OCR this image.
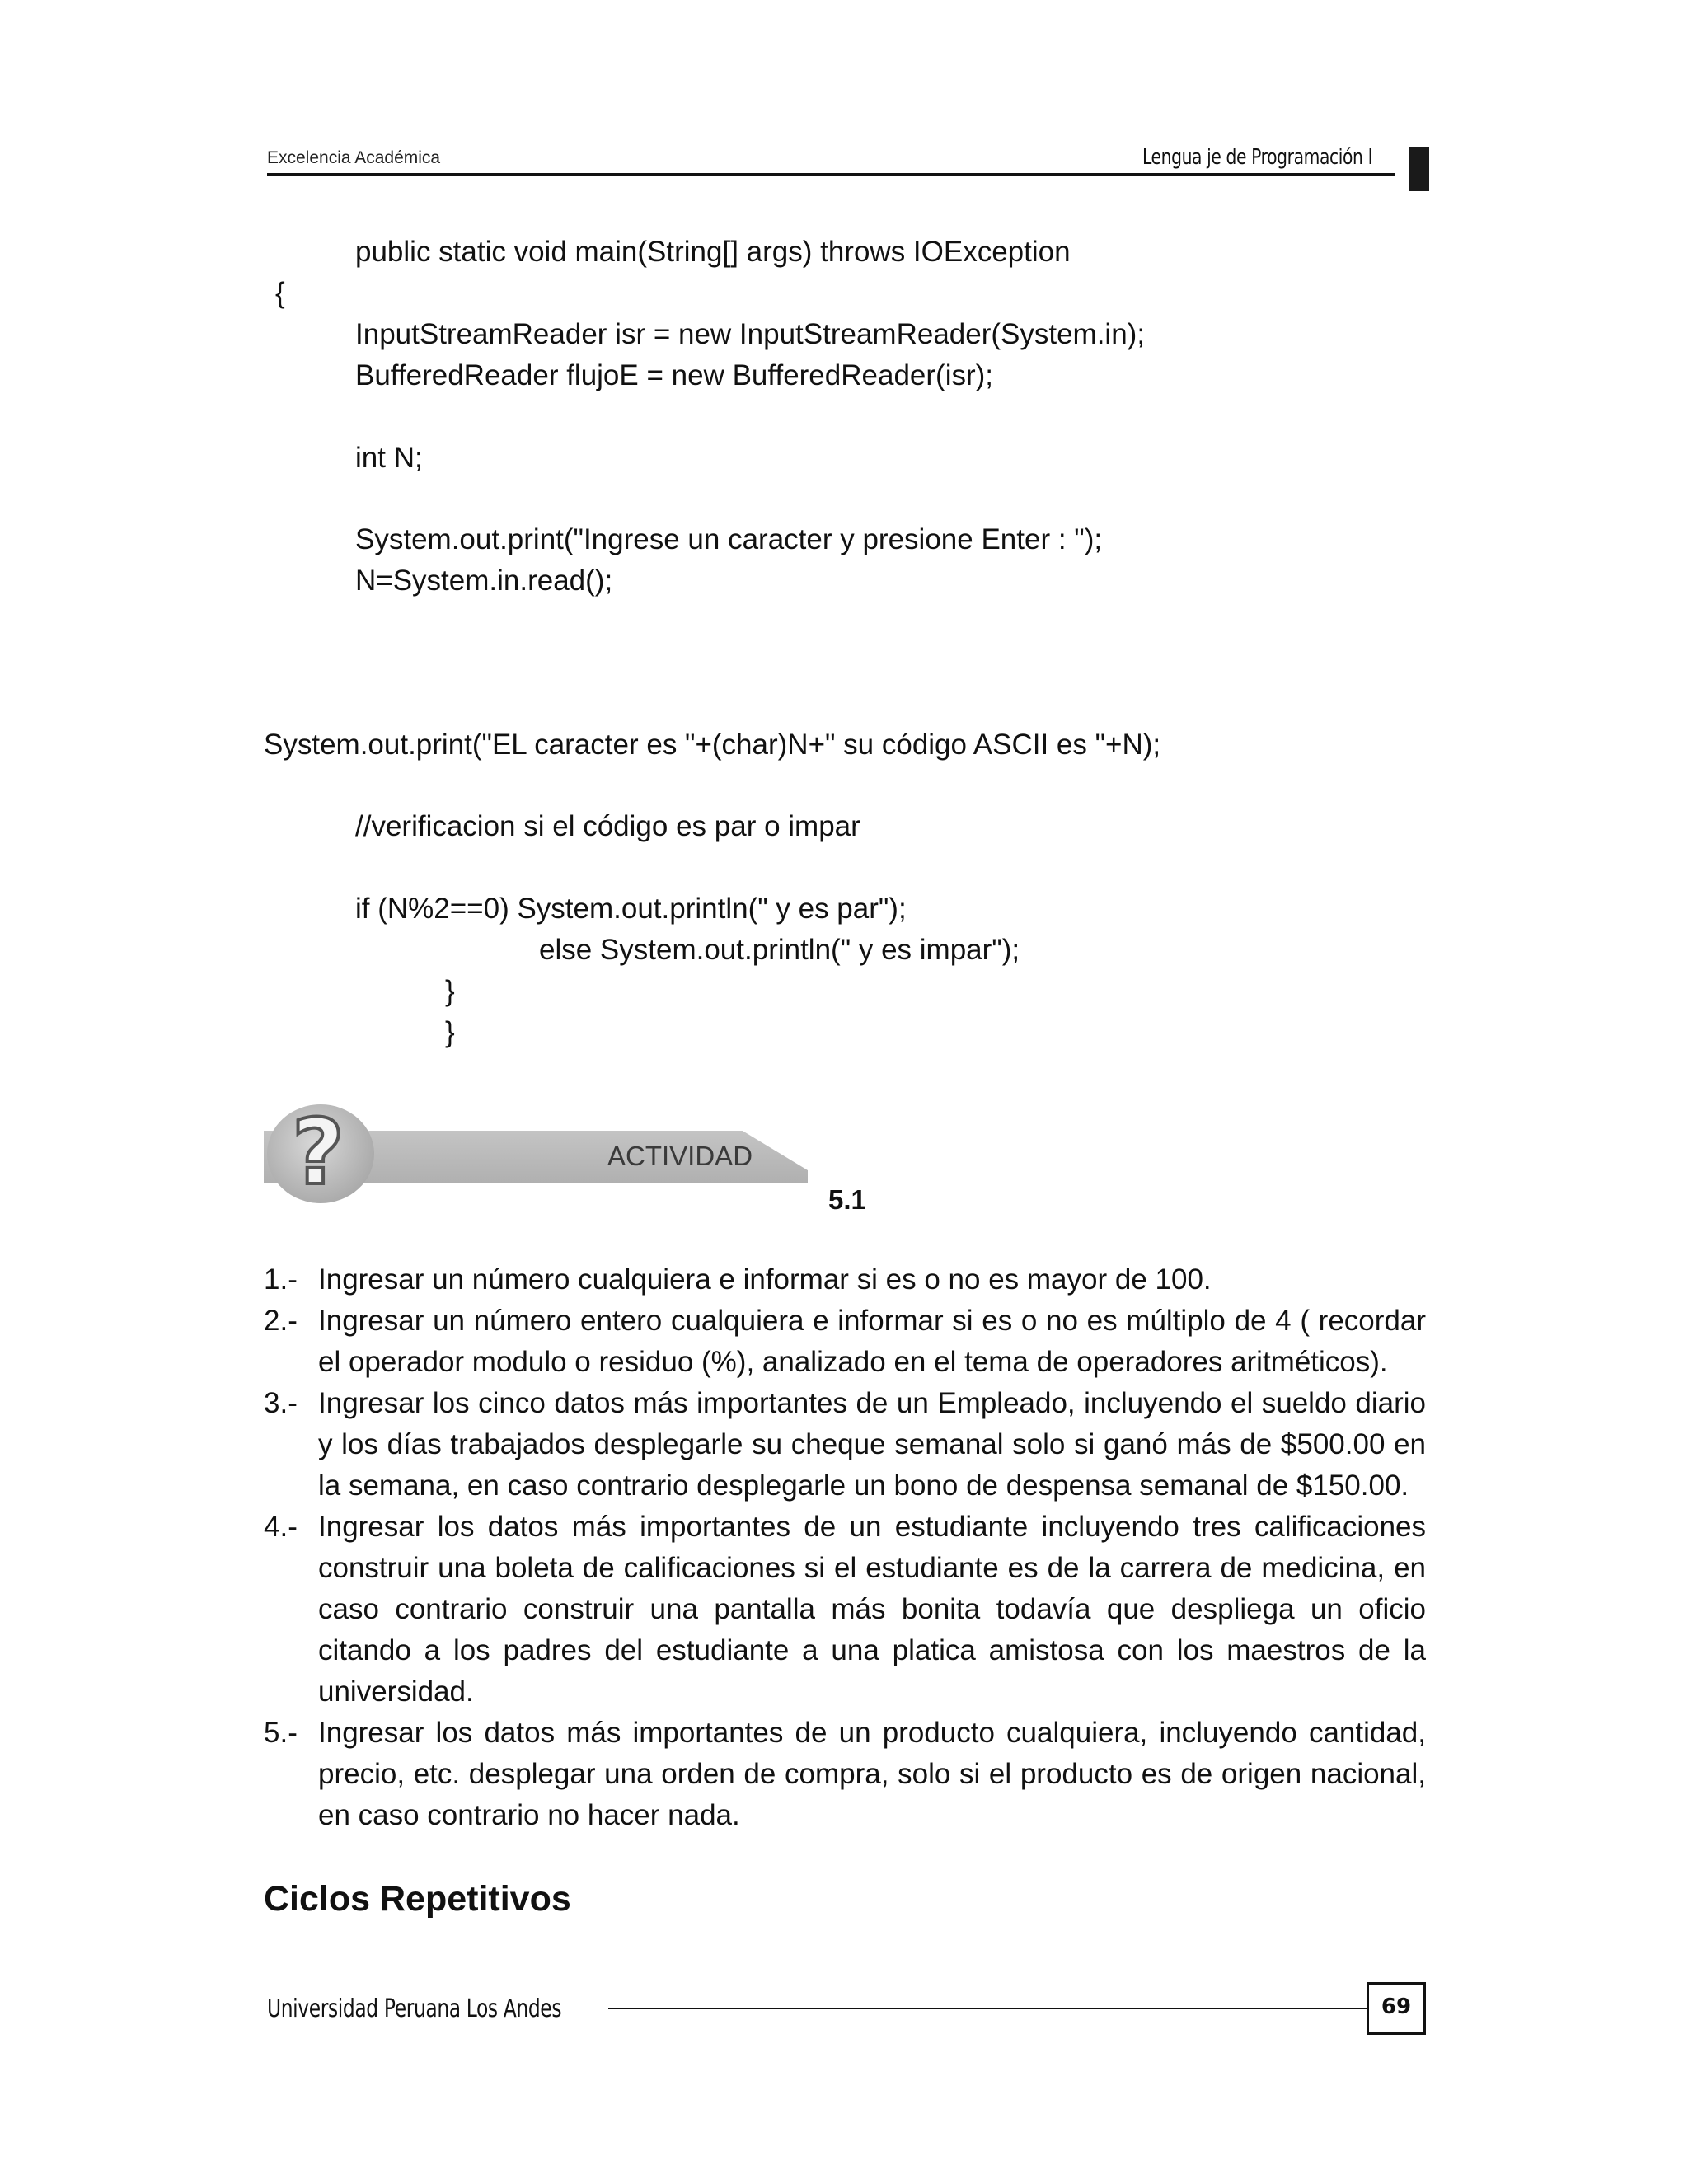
Excelencia Académica	Lengua je de Programación I
public static void main(String[] args) throws IOException
{
InputStreamReader isr = new InputStreamReader(System.in);
BufferedReader flujoE = new BufferedReader(isr);
int N;
System.out.print("Ingrese un caracter y presione Enter : ");
N=System.in.read();
System.out.print("EL caracter es "+(char)N+" su código ASCII es "+N);
//verificacion si el código es par o impar
if (N%2==0) System.out.println(" y es par");
else System.out.println(" y es impar");
}
}
?	ACTIVIDAD
5.1
1.- Ingresar un número cualquiera e informar si es o no es mayor de 100.
2.- Ingresar un número entero cualquiera e informar si es o no es múltiplo de 4 ( recordar el operador modulo o residuo (%), analizado en el tema de operadores aritméticos).
3.- Ingresar los cinco datos más importantes de un Empleado, incluyendo el sueldo diario y los días trabajados desplegarle su cheque semanal solo si ganó más de $500.00 en la semana, en caso contrario desplegarle un bono de despensa semanal de $150.00.
4.- Ingresar los datos más importantes de un estudiante incluyendo tres calificaciones construir una boleta de calificaciones si el estudiante es de la carrera de medicina, en caso contrario construir una pantalla más bonita todavía que despliega un oficio citando a los padres del estudiante a una platica amistosa con los maestros de la universidad.
5.- Ingresar los datos más importantes de un producto cualquiera, incluyendo cantidad, precio, etc. desplegar una orden de compra, solo si el producto es de origen nacional, en caso contrario no hacer nada.
Ciclos Repetitivos
Universidad Peruana Los Andes	69
